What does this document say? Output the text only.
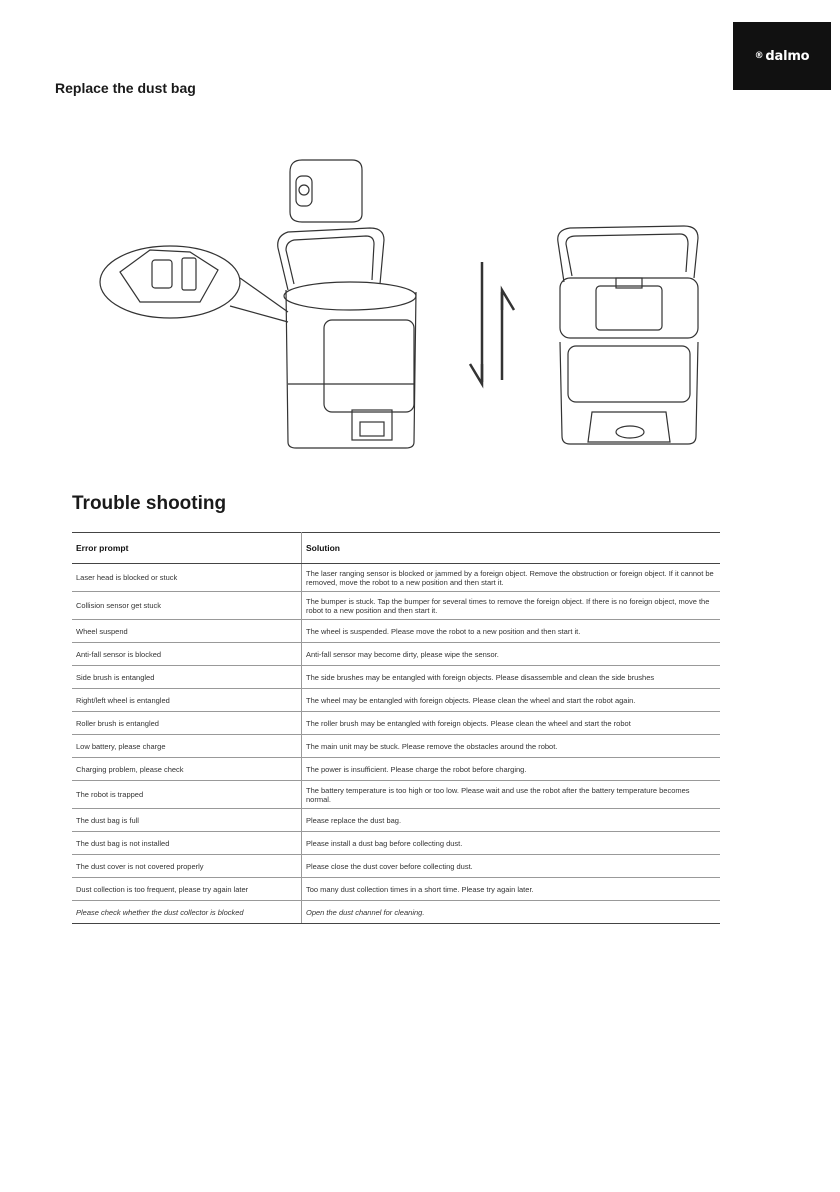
® dalmo
Replace the dust bag
Trouble shooting
Error prompt	Solution
Laser head is blocked or stuck	The laser ranging sensor is blocked or jammed by a foreign object. Remove the obstruction or foreign object. If it cannot be removed, move the robot to a new position and then start it.
Collision sensor get stuck	The bumper is stuck. Tap the bumper for several times to remove the foreign object. If there is no foreign object, move the robot to a new position and then start it.
Wheel suspend	The wheel is suspended. Please move the robot to a new position and then start it.
Anti-fall sensor is blocked	Anti-fall sensor may become dirty, please wipe the sensor.
Side brush is entangled	The side brushes may be entangled with foreign objects. Please disassemble and clean the side brushes
Right/left wheel is entangled	The wheel may be entangled with foreign objects. Please clean the wheel and start the robot again.
Roller brush is entangled	The roller brush may be entangled with foreign objects. Please clean the wheel and start the robot
Low battery, please charge	The main unit may be stuck. Please remove the obstacles around the robot.
Charging problem, please check	The power is insufficient. Please charge the robot before charging.
The robot is trapped	The battery temperature is too high or too low. Please wait and use the robot after the battery temperature becomes normal.
The dust bag is full	Please replace the dust bag.
The dust bag is not installed	Please install a dust bag before collecting dust.
The dust cover is not covered properly	Please close the dust cover before collecting dust.
Dust collection is too frequent, please try again later	Too many dust collection times in a short time. Please try again later.
Please check whether the dust collector is blocked	Open the dust channel for cleaning.
